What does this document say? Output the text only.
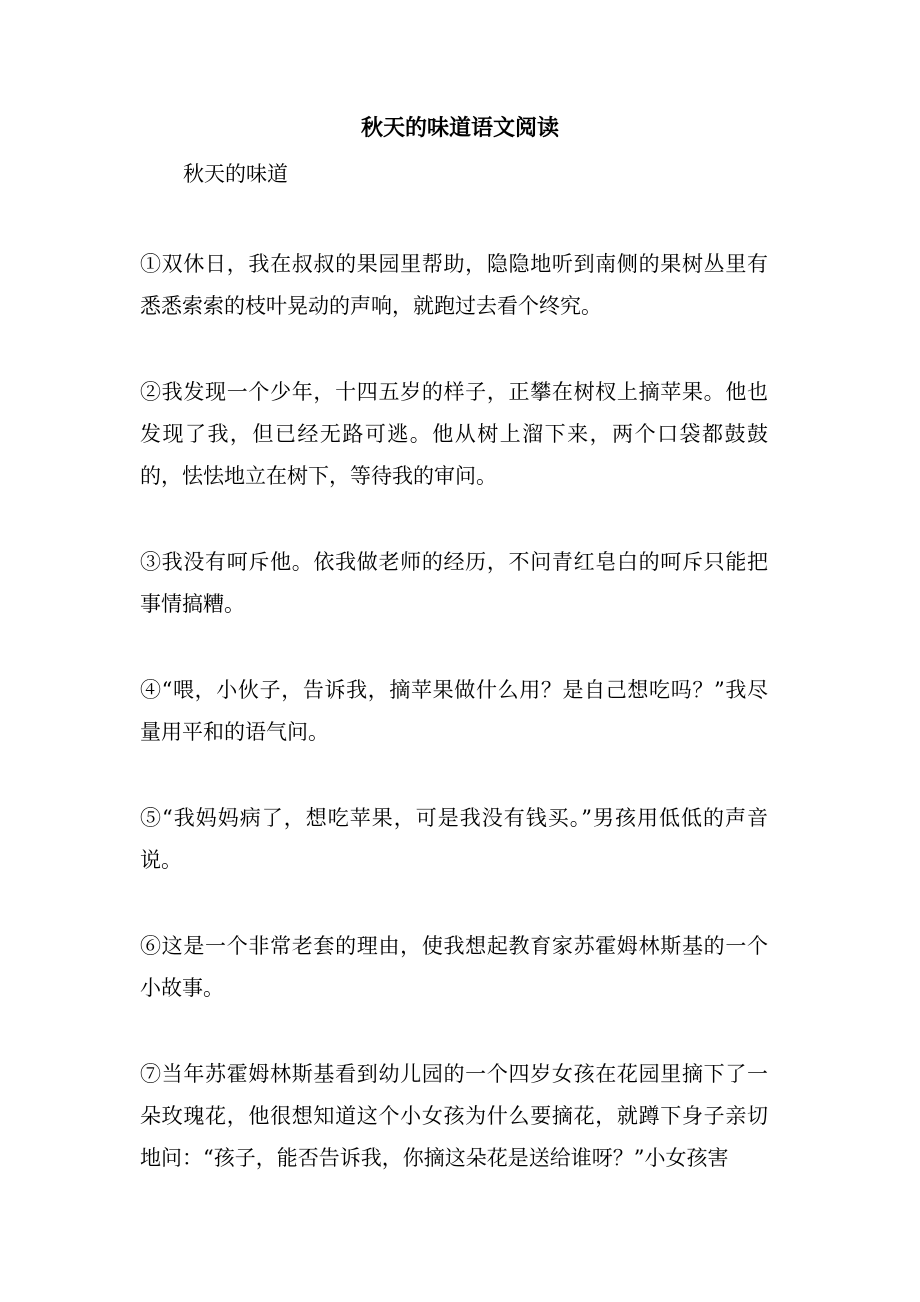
秋天的味道语文阅读

秋天的味道

①双休日，我在叔叔的果园里帮助，隐隐地听到南侧的果树丛里有悉悉索索的枝叶晃动的声响，就跑过去看个终究。

②我发现一个少年，十四五岁的样子，正攀在树杈上摘苹果。他也发现了我，但已经无路可逃。他从树上溜下来，两个口袋都鼓鼓的，怯怯地立在树下，等待我的审问。

③我没有呵斥他。依我做老师的经历，不问青红皂白的呵斥只能把事情搞糟。

④“喂，小伙子，告诉我，摘苹果做什么用？是自己想吃吗？”我尽量用平和的语气问。

⑤“我妈妈病了，想吃苹果，可是我没有钱买。”男孩用低低的声音说。

⑥这是一个非常老套的理由，使我想起教育家苏霍姆林斯基的一个小故事。

⑦当年苏霍姆林斯基看到幼儿园的一个四岁女孩在花园里摘下了一朵玫瑰花，他很想知道这个小女孩为什么要摘花，就蹲下身子亲切地问：“孩子，能否告诉我，你摘这朵花是送给谁呀？”小女孩害
